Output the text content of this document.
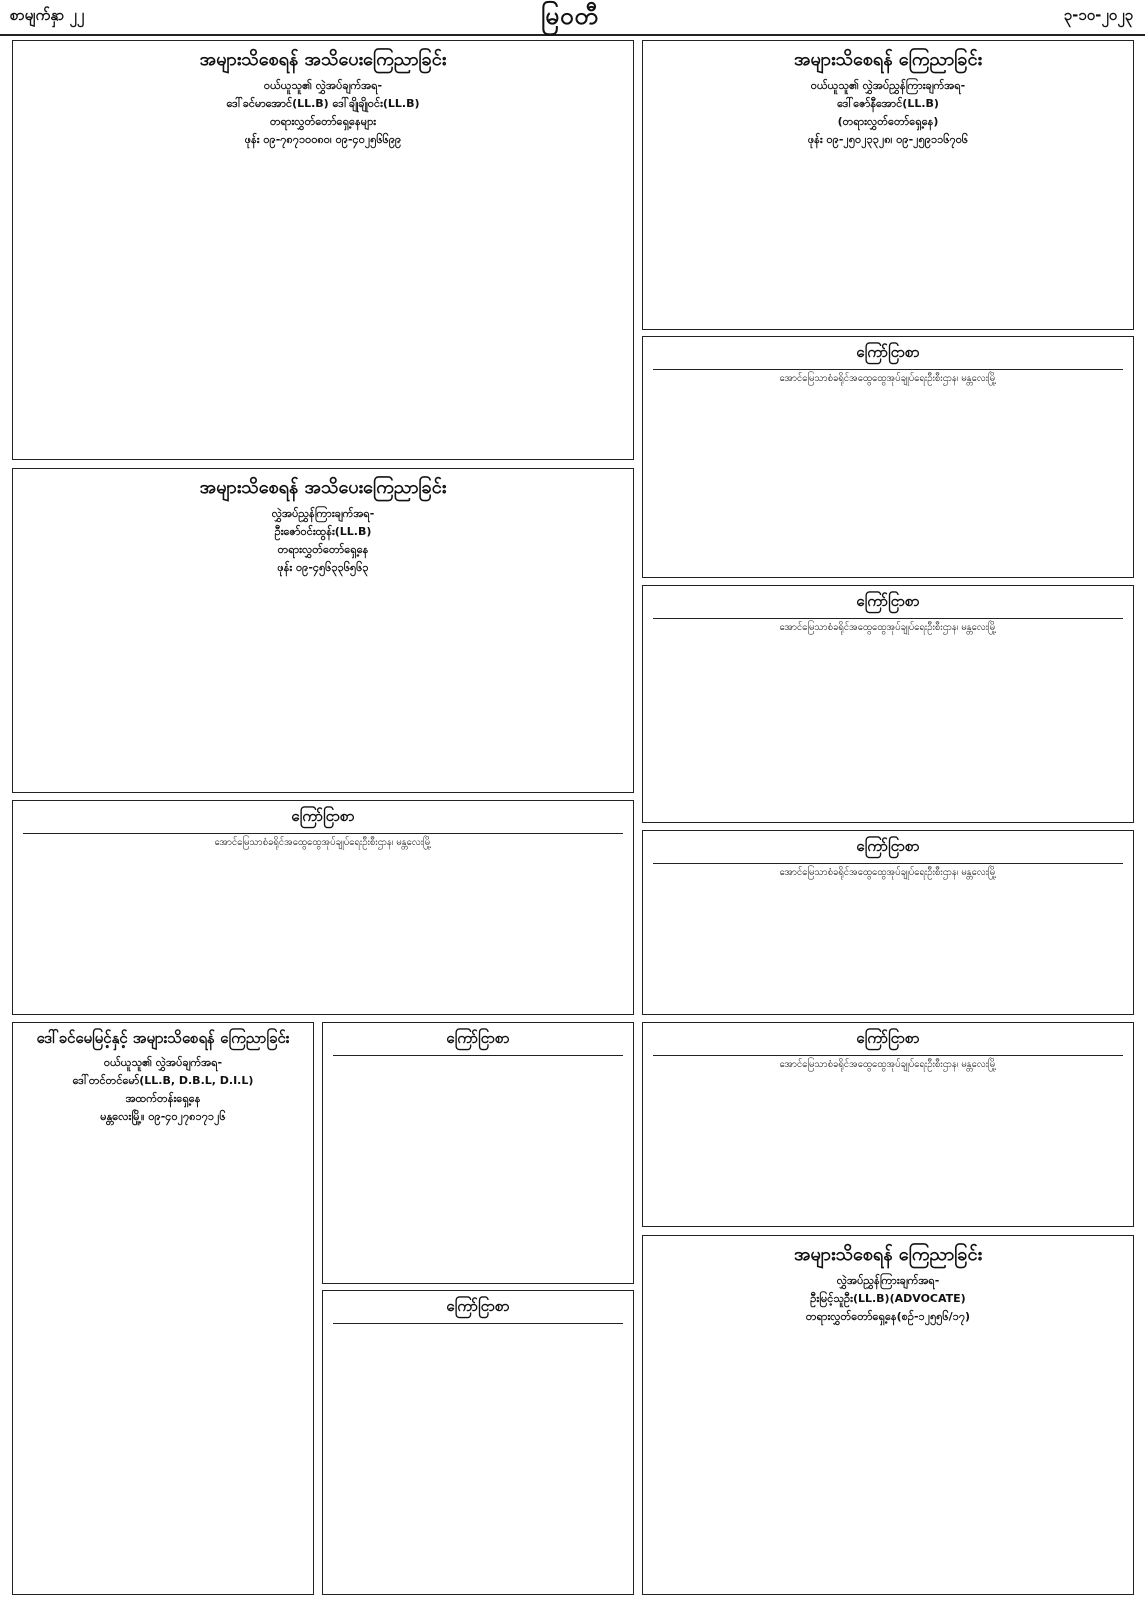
စာမျက်နှာ ၂၂	မြဝတီ	၃-၁၀-၂၀၂၃
အများသိစေရန် အသိပေးကြေညာခြင်း
ဝယ်ယူသူ၏ လွှဲအပ်ချက်အရ-
ဒေါ်ခင်မာအောင်(LL.B) ဒေါ်ချိုချိုဝင်း(LL.B)
တရားလွှတ်တော်ရှေ့နေများ
ဖုန်း ၀၉-၇၈၇၁၀၀၈၀၊ ၀၉-၄၀၂၅၆၆၉၉
အများသိစေရန် ကြေညာခြင်း
ဝယ်ယူသူ၏ လွှဲအပ်ညွှန်ကြားချက်အရ-
ဒေါ်ဇော်နီအောင်(LL.B)
(တရားလွှတ်တော်ရှေ့နေ)
ဖုန်း ၀၉-၂၅၀၂၃၃၂၈၊ ၀၉-၂၅၉၁၁၆၇၀၆
ကြော်ငြာစာ
အောင်မြေသာစံခရိုင်အထွေထွေအုပ်ချုပ်ရေးဦးစီးဌာန၊ မန္တလေးမြို့
ကြော်ငြာစာ
အောင်မြေသာစံခရိုင်အထွေထွေအုပ်ချုပ်ရေးဦးစီးဌာန၊ မန္တလေးမြို့
အများသိစေရန် အသိပေးကြေညာခြင်း
လွှဲအပ်ညွှန်ကြားချက်အရ-
ဦးဇော်ဝင်းထွန်း(LL.B)
တရားလွှတ်တော်ရှေ့နေ
ဖုန်း ၀၉-၄၅၆၃၃၆၅၆၃
ကြော်ငြာစာ
အောင်မြေသာစံခရိုင်အထွေထွေအုပ်ချုပ်ရေးဦးစီးဌာန၊ မန္တလေးမြို့	ကြော်ငြာစာ
အောင်မြေသာစံခရိုင်အထွေထွေအုပ်ချုပ်ရေးဦးစီးဌာန၊ မန္တလေးမြို့
ကြော်ငြာစာ
အောင်မြေသာစံခရိုင်အထွေထွေအုပ်ချုပ်ရေးဦးစီးဌာန၊ မန္တလေးမြို့
ဒေါ်ခင်မေမြင့်နှင့် အများသိစေရန် ကြေညာခြင်း
ဝယ်ယူသူ၏ လွှဲအပ်ချက်အရ-
ဒေါ်တင်တင်မော်(LL.B, D.B.L, D.I.L)
အထက်တန်းရှေ့နေ
မန္တလေးမြို့။ ၀၉-၄၀၂၇၈၁၇၁၂၆
ကြော်ငြာစာ
ကြော်ငြာစာ
အများသိစေရန် ကြေညာခြင်း
လွှဲအပ်ညွှန်ကြားချက်အရ-
ဦးမြင့်သူဦး(LL.B)(ADVOCATE)
တရားလွှတ်တော်ရှေ့နေ(စဉ်-၁၂၅၅၆/၁၇)
